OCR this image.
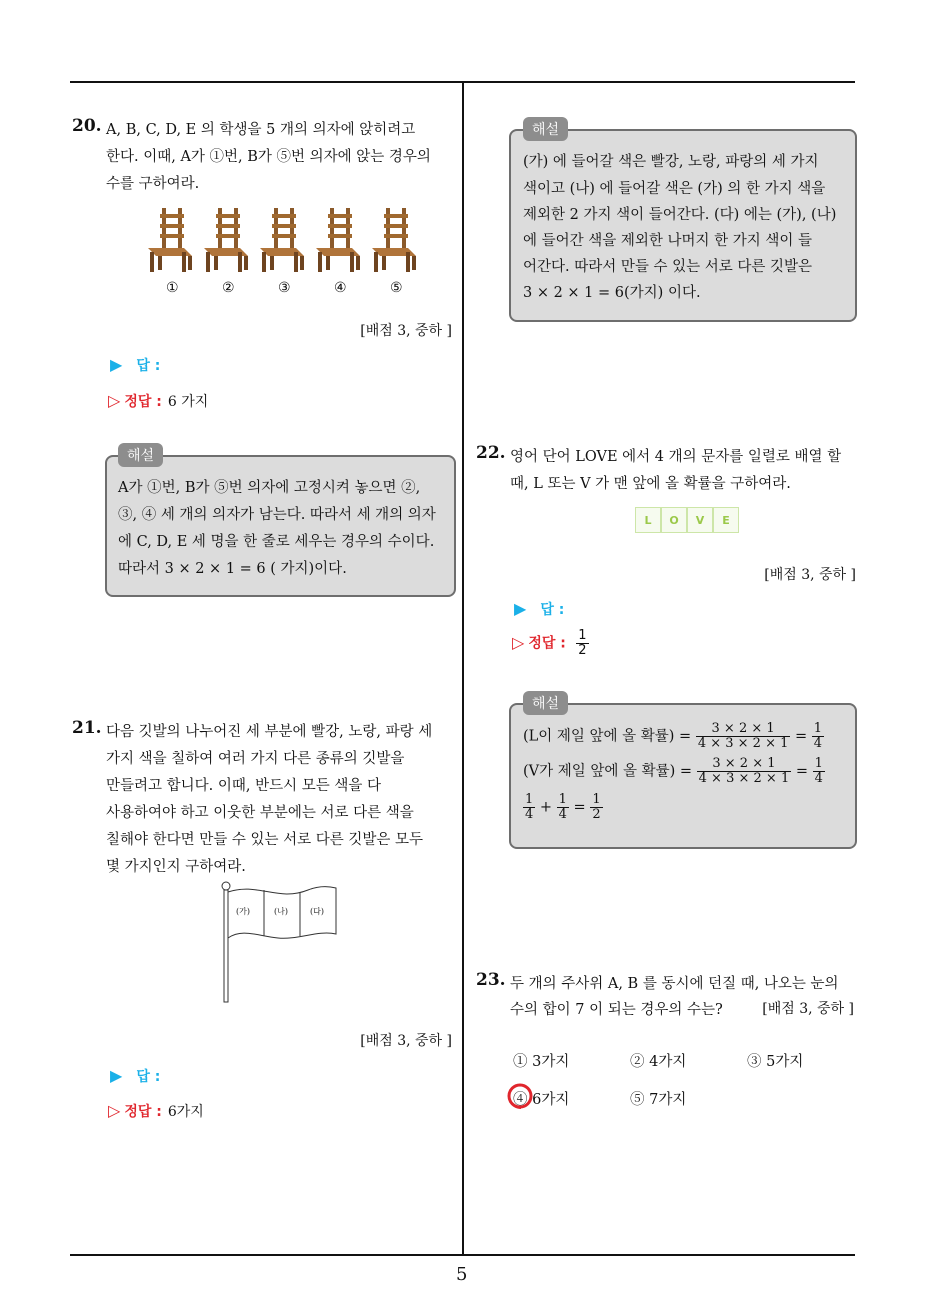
5
20. A, B, C, D, E 의 학생을 5 개의 의자에 앉히려고
한다. 이때, A가 ①번, B가 ⑤번 의자에 앉는 경우의
수를 구하여라.
①	②	③	④	⑤
[배점 3, 중하 ]
▶ 답 :
▷ 정답 : 6 가지
해설
A가 ①번, B가 ⑤번 의자에 고정시켜 놓으면 ②,
③, ④ 세 개의 의자가 남는다. 따라서 세 개의 의자
에 C, D, E 세 명을 한 줄로 세우는 경우의 수이다.
따라서 3 × 2 × 1 = 6 ( 가지)이다.
21. 다음 깃발의 나누어진 세 부분에 빨강, 노랑, 파랑 세
가지 색을 칠하여 여러 가지 다른 종류의 깃발을
만들려고 합니다. 이때, 반드시 모든 색을 다
사용하여야 하고 이웃한 부분에는 서로 다른 색을
칠해야 한다면 만들 수 있는 서로 다른 깃발은 모두
몇 가지인지 구하여라.
(가)	(나)	(다)
[배점 3, 중하 ]
▶ 답 :
▷ 정답 : 6가지
해설
(가) 에 들어갈 색은 빨강, 노랑, 파랑의 세 가지
색이고 (나) 에 들어갈 색은 (가) 의 한 가지 색을
제외한 2 가지 색이 들어간다. (다) 에는 (가), (나)
에 들어간 색을 제외한 나머지 한 가지 색이 들
어간다. 따라서 만들 수 있는 서로 다른 깃발은
3 × 2 × 1 = 6(가지) 이다.
22. 영어 단어 LOVE 에서 4 개의 문자를 일렬로 배열 할
때, L 또는 V 가 맨 앞에 올 확률을 구하여라.
L	O	V	E
[배점 3, 중하 ]
▶ 답 :
▷ 정답 : $\frac{1}{2}$
해설
(L이 제일 앞에 올 확률) = $\frac{3 \times 2 \times 1}{4 \times 3 \times 2 \times 1} = \frac{1}{4}$
(V가 제일 앞에 올 확률) = $\frac{3 \times 2 \times 1}{4 \times 3 \times 2 \times 1} = \frac{1}{4}$
$\frac{1}{4} + \frac{1}{4} = \frac{1}{2}$
23. 두 개의 주사위 A, B 를 동시에 던질 때, 나오는 눈의
수의 합이 7 이 되는 경우의 수는?	[배점 3, 중하 ]
① 3가지	② 4가지	③ 5가지
④ 6가지	⑤ 7가지
